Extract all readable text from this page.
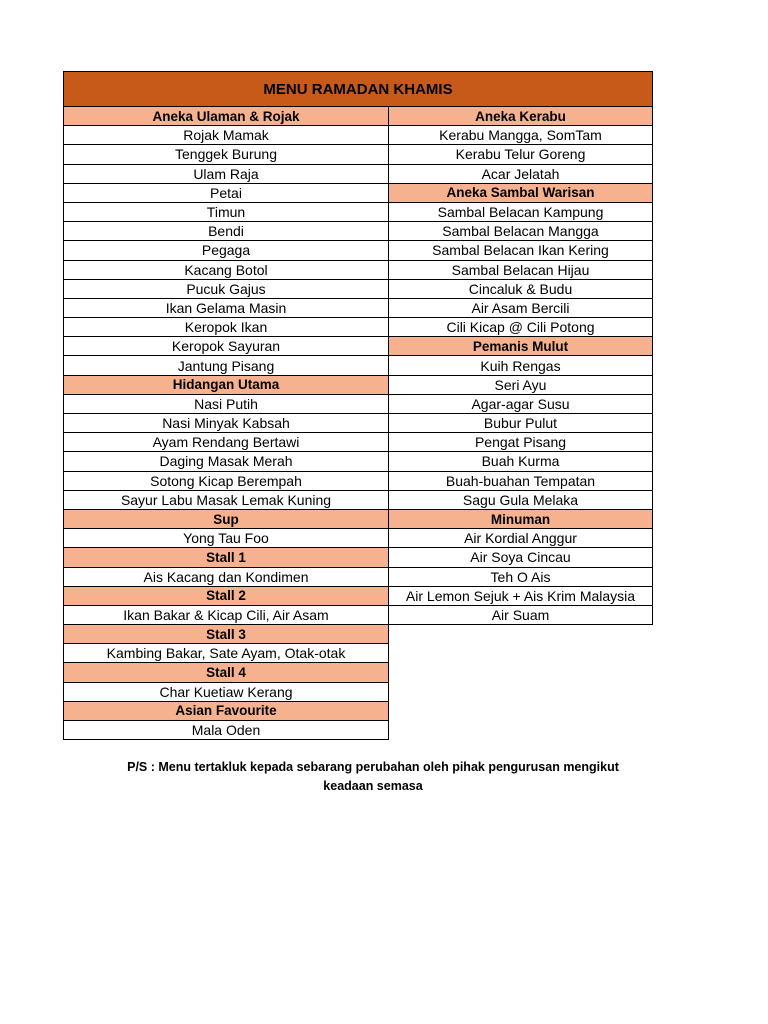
MENU RAMADAN KHAMIS
Aneka Ulaman & Rojak
Rojak Mamak
Tenggek Burung
Ulam Raja
Petai
Timun
Bendi
Pegaga
Kacang Botol
Pucuk Gajus
Ikan Gelama Masin
Keropok Ikan
Keropok Sayuran
Jantung Pisang
Hidangan Utama
Nasi Putih
Nasi Minyak Kabsah
Ayam Rendang Bertawi
Daging Masak Merah
Sotong Kicap Berempah
Sayur Labu Masak Lemak Kuning
Sup
Yong Tau Foo
Stall 1
Ais Kacang dan Kondimen
Stall 2
Ikan Bakar & Kicap Cili, Air Asam
Stall 3
Kambing Bakar, Sate Ayam, Otak-otak
Stall 4
Char Kuetiaw Kerang
Asian Favourite
Mala Oden
Aneka Kerabu
Kerabu Mangga, SomTam
Kerabu Telur Goreng
Acar Jelatah
Aneka Sambal Warisan
Sambal Belacan Kampung
Sambal Belacan Mangga
Sambal Belacan Ikan Kering
Sambal Belacan Hijau
Cincaluk & Budu
Air Asam Bercili
Cili Kicap @ Cili Potong
Pemanis Mulut
Kuih Rengas
Seri Ayu
Agar-agar Susu
Bubur Pulut
Pengat Pisang
Buah Kurma
Buah-buahan Tempatan
Sagu Gula Melaka
Minuman
Air Kordial Anggur
Air Soya Cincau
Teh O Ais
Air Lemon Sejuk + Ais Krim Malaysia
Air Suam
P/S : Menu tertakluk kepada sebarang perubahan oleh pihak pengurusan mengikut
keadaan semasa
